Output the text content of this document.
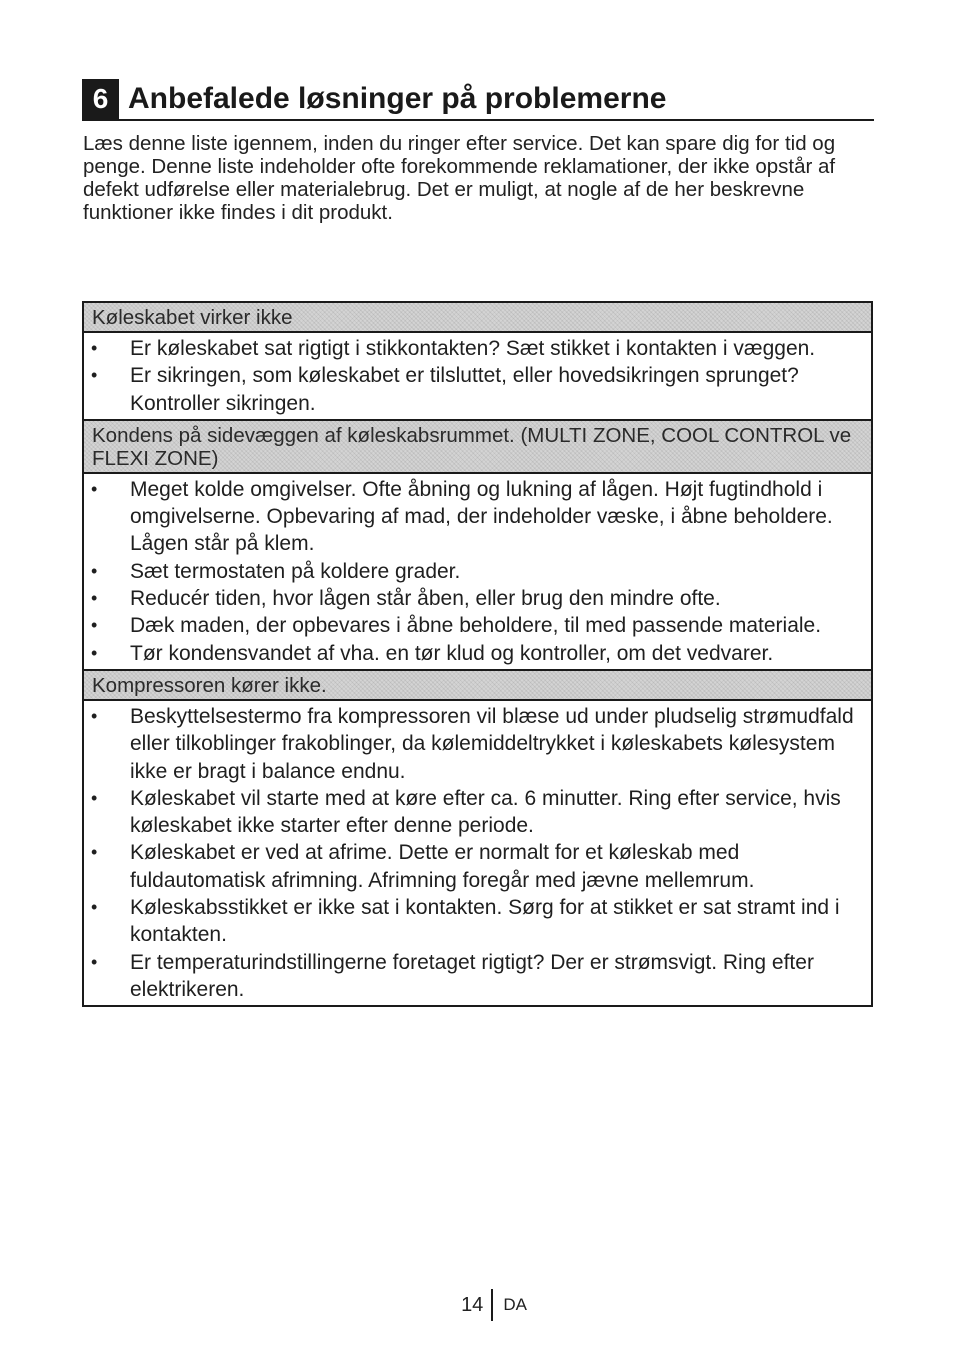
6 Anbefalede løsninger på problemerne

Læs denne liste igennem, inden du ringer efter service. Det kan spare dig for tid og penge. Denne liste indeholder ofte forekommende reklamationer, der ikke opstår af defekt udførelse eller materialebrug. Det er muligt, at nogle af de her beskrevne funktioner ikke findes i dit produkt.

Køleskabet virker ikke
• Er køleskabet sat rigtigt i stikkontakten? Sæt stikket i kontakten i væggen.
• Er sikringen, som køleskabet er tilsluttet, eller hovedsikringen sprunget? Kontroller sikringen.
Kondens på sidevæggen af køleskabsrummet. (MULTI ZONE, COOL CONTROL ve FLEXI ZONE)
• Meget kolde omgivelser. Ofte åbning og lukning af lågen. Højt fugtindhold i omgivelserne. Opbevaring af mad, der indeholder væske, i åbne beholdere. Lågen står på klem.
• Sæt termostaten på koldere grader.
• Reducér tiden, hvor lågen står åben, eller brug den mindre ofte.
• Dæk maden, der opbevares i åbne beholdere, til med passende materiale.
• Tør kondensvandet af vha. en tør klud og kontroller, om det vedvarer.
Kompressoren kører ikke.
• Beskyttelsestermo fra kompressoren vil blæse ud under pludselig strømudfald eller tilkoblinger frakoblinger, da kølemiddeltrykket i køleskabets kølesystem ikke er bragt i balance endnu.
• Køleskabet vil starte med at køre efter ca. 6 minutter. Ring efter service, hvis køleskabet ikke starter efter denne periode.
• Køleskabet er ved at afrime. Dette er normalt for et køleskab med fuldautomatisk afrimning. Afrimning foregår med jævne mellemrum.
• Køleskabsstikket er ikke sat i kontakten. Sørg for at stikket er sat stramt ind i kontakten.
• Er temperaturindstillingerne foretaget rigtigt? Der er strømsvigt. Ring efter elektrikeren.
14 DA
